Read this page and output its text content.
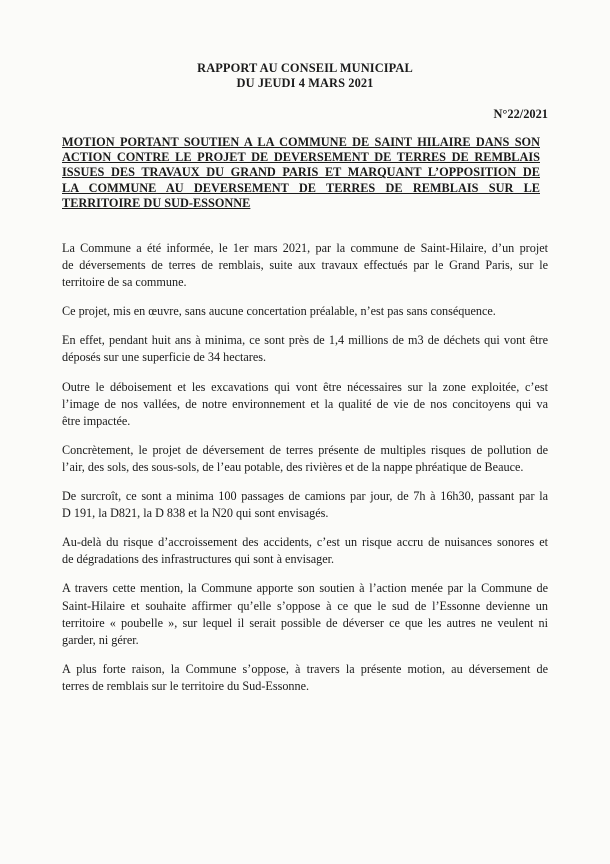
RAPPORT AU CONSEIL MUNICIPAL
DU JEUDI 4 MARS 2021
N°22/2021
MOTION PORTANT SOUTIEN A LA COMMUNE DE SAINT HILAIRE DANS SON
ACTION CONTRE LE PROJET DE DEVERSEMENT DE TERRES DE REMBLAIS
ISSUES DES TRAVAUX DU GRAND PARIS ET MARQUANT L’OPPOSITION DE
LA COMMUNE AU DEVERSEMENT DE TERRES DE REMBLAIS SUR LE
TERRITOIRE DU SUD-ESSONNE

La Commune a été informée, le 1er mars 2021, par la commune de Saint-Hilaire, d’un projet
de déversements de terres de remblais, suite aux travaux effectués par le Grand Paris, sur le
territoire de sa commune.

Ce projet, mis en œuvre, sans aucune concertation préalable, n’est pas sans conséquence.

En effet, pendant huit ans à minima, ce sont près de 1,4 millions de m3 de déchets qui vont être
déposés sur une superficie de 34 hectares.

Outre le déboisement et les excavations qui vont être nécessaires sur la zone exploitée, c’est
l’image de nos vallées, de notre environnement et la qualité de vie de nos concitoyens qui va
être impactée.

Concrètement, le projet de déversement de terres présente de multiples risques de pollution de
l’air, des sols, des sous-sols, de l’eau potable, des rivières et de la nappe phréatique de Beauce.

De surcroît, ce sont a minima 100 passages de camions par jour, de 7h à 16h30, passant par la
D 191, la D821, la D 838 et la N20 qui sont envisagés.

Au-delà du risque d’accroissement des accidents, c’est un risque accru de nuisances sonores et
de dégradations des infrastructures qui sont à envisager.

A travers cette mention, la Commune apporte son soutien à l’action menée par la Commune de
Saint-Hilaire et souhaite affirmer qu’elle s’oppose à ce que le sud de l’Essonne devienne un
territoire « poubelle », sur lequel il serait possible de déverser ce que les autres ne veulent ni
garder, ni gérer.

A plus forte raison, la Commune s’oppose, à travers la présente motion, au déversement de
terres de remblais sur le territoire du Sud-Essonne.
